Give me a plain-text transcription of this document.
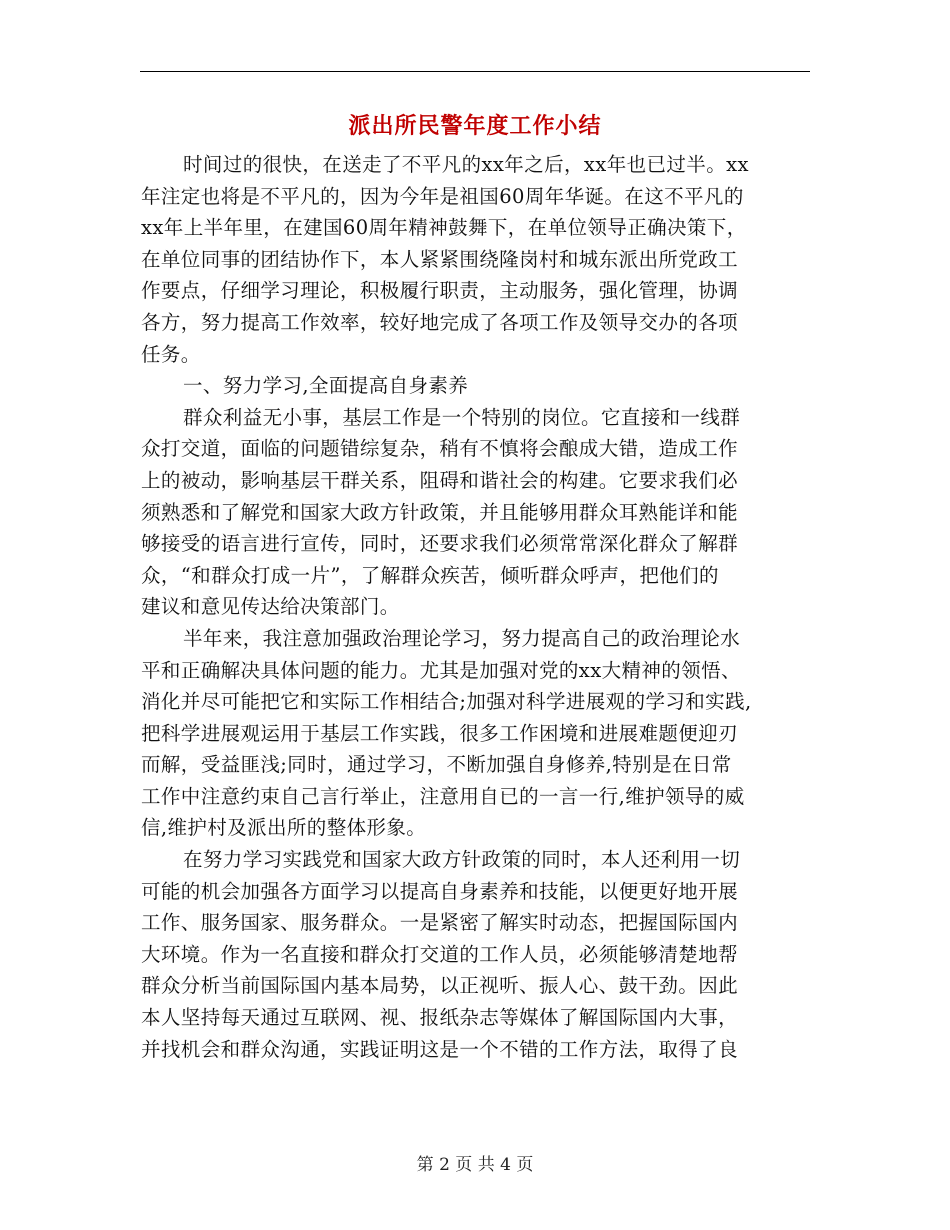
派出所民警年度工作小结
时间过的很快，在送走了不平凡的xx年之后，xx年也已过半。xx
年注定也将是不平凡的，因为今年是祖国60周年华诞。在这不平凡的
xx年上半年里，在建国60周年精神鼓舞下，在单位领导正确决策下，
在单位同事的团结协作下，本人紧紧围绕隆岗村和城东派出所党政工
作要点，仔细学习理论，积极履行职责，主动服务，强化管理，协调
各方，努力提高工作效率，较好地完成了各项工作及领导交办的各项
任务。
一、努力学习,全面提高自身素养
群众利益无小事，基层工作是一个特别的岗位。它直接和一线群
众打交道，面临的问题错综复杂，稍有不慎将会酿成大错，造成工作
上的被动，影响基层干群关系，阻碍和谐社会的构建。它要求我们必
须熟悉和了解党和国家大政方针政策，并且能够用群众耳熟能详和能
够接受的语言进行宣传，同时，还要求我们必须常常深化群众了解群
众，“和群众打成一片”，了解群众疾苦，倾听群众呼声，把他们的
建议和意见传达给决策部门。
半年来，我注意加强政治理论学习，努力提高自己的政治理论水
平和正确解决具体问题的能力。尤其是加强对党的xx大精神的领悟、
消化并尽可能把它和实际工作相结合;加强对科学进展观的学习和实践,
把科学进展观运用于基层工作实践，很多工作困境和进展难题便迎刃
而解，受益匪浅;同时，通过学习，不断加强自身修养,特别是在日常
工作中注意约束自己言行举止，注意用自已的一言一行,维护领导的威
信,维护村及派出所的整体形象。
在努力学习实践党和国家大政方针政策的同时，本人还利用一切
可能的机会加强各方面学习以提高自身素养和技能，以便更好地开展
工作、服务国家、服务群众。一是紧密了解实时动态，把握国际国内
大环境。作为一名直接和群众打交道的工作人员，必须能够清楚地帮
群众分析当前国际国内基本局势，以正视听、振人心、鼓干劲。因此
本人坚持每天通过互联网、视、报纸杂志等媒体了解国际国内大事，
并找机会和群众沟通，实践证明这是一个不错的工作方法，取得了良
第 2 页 共 4 页
